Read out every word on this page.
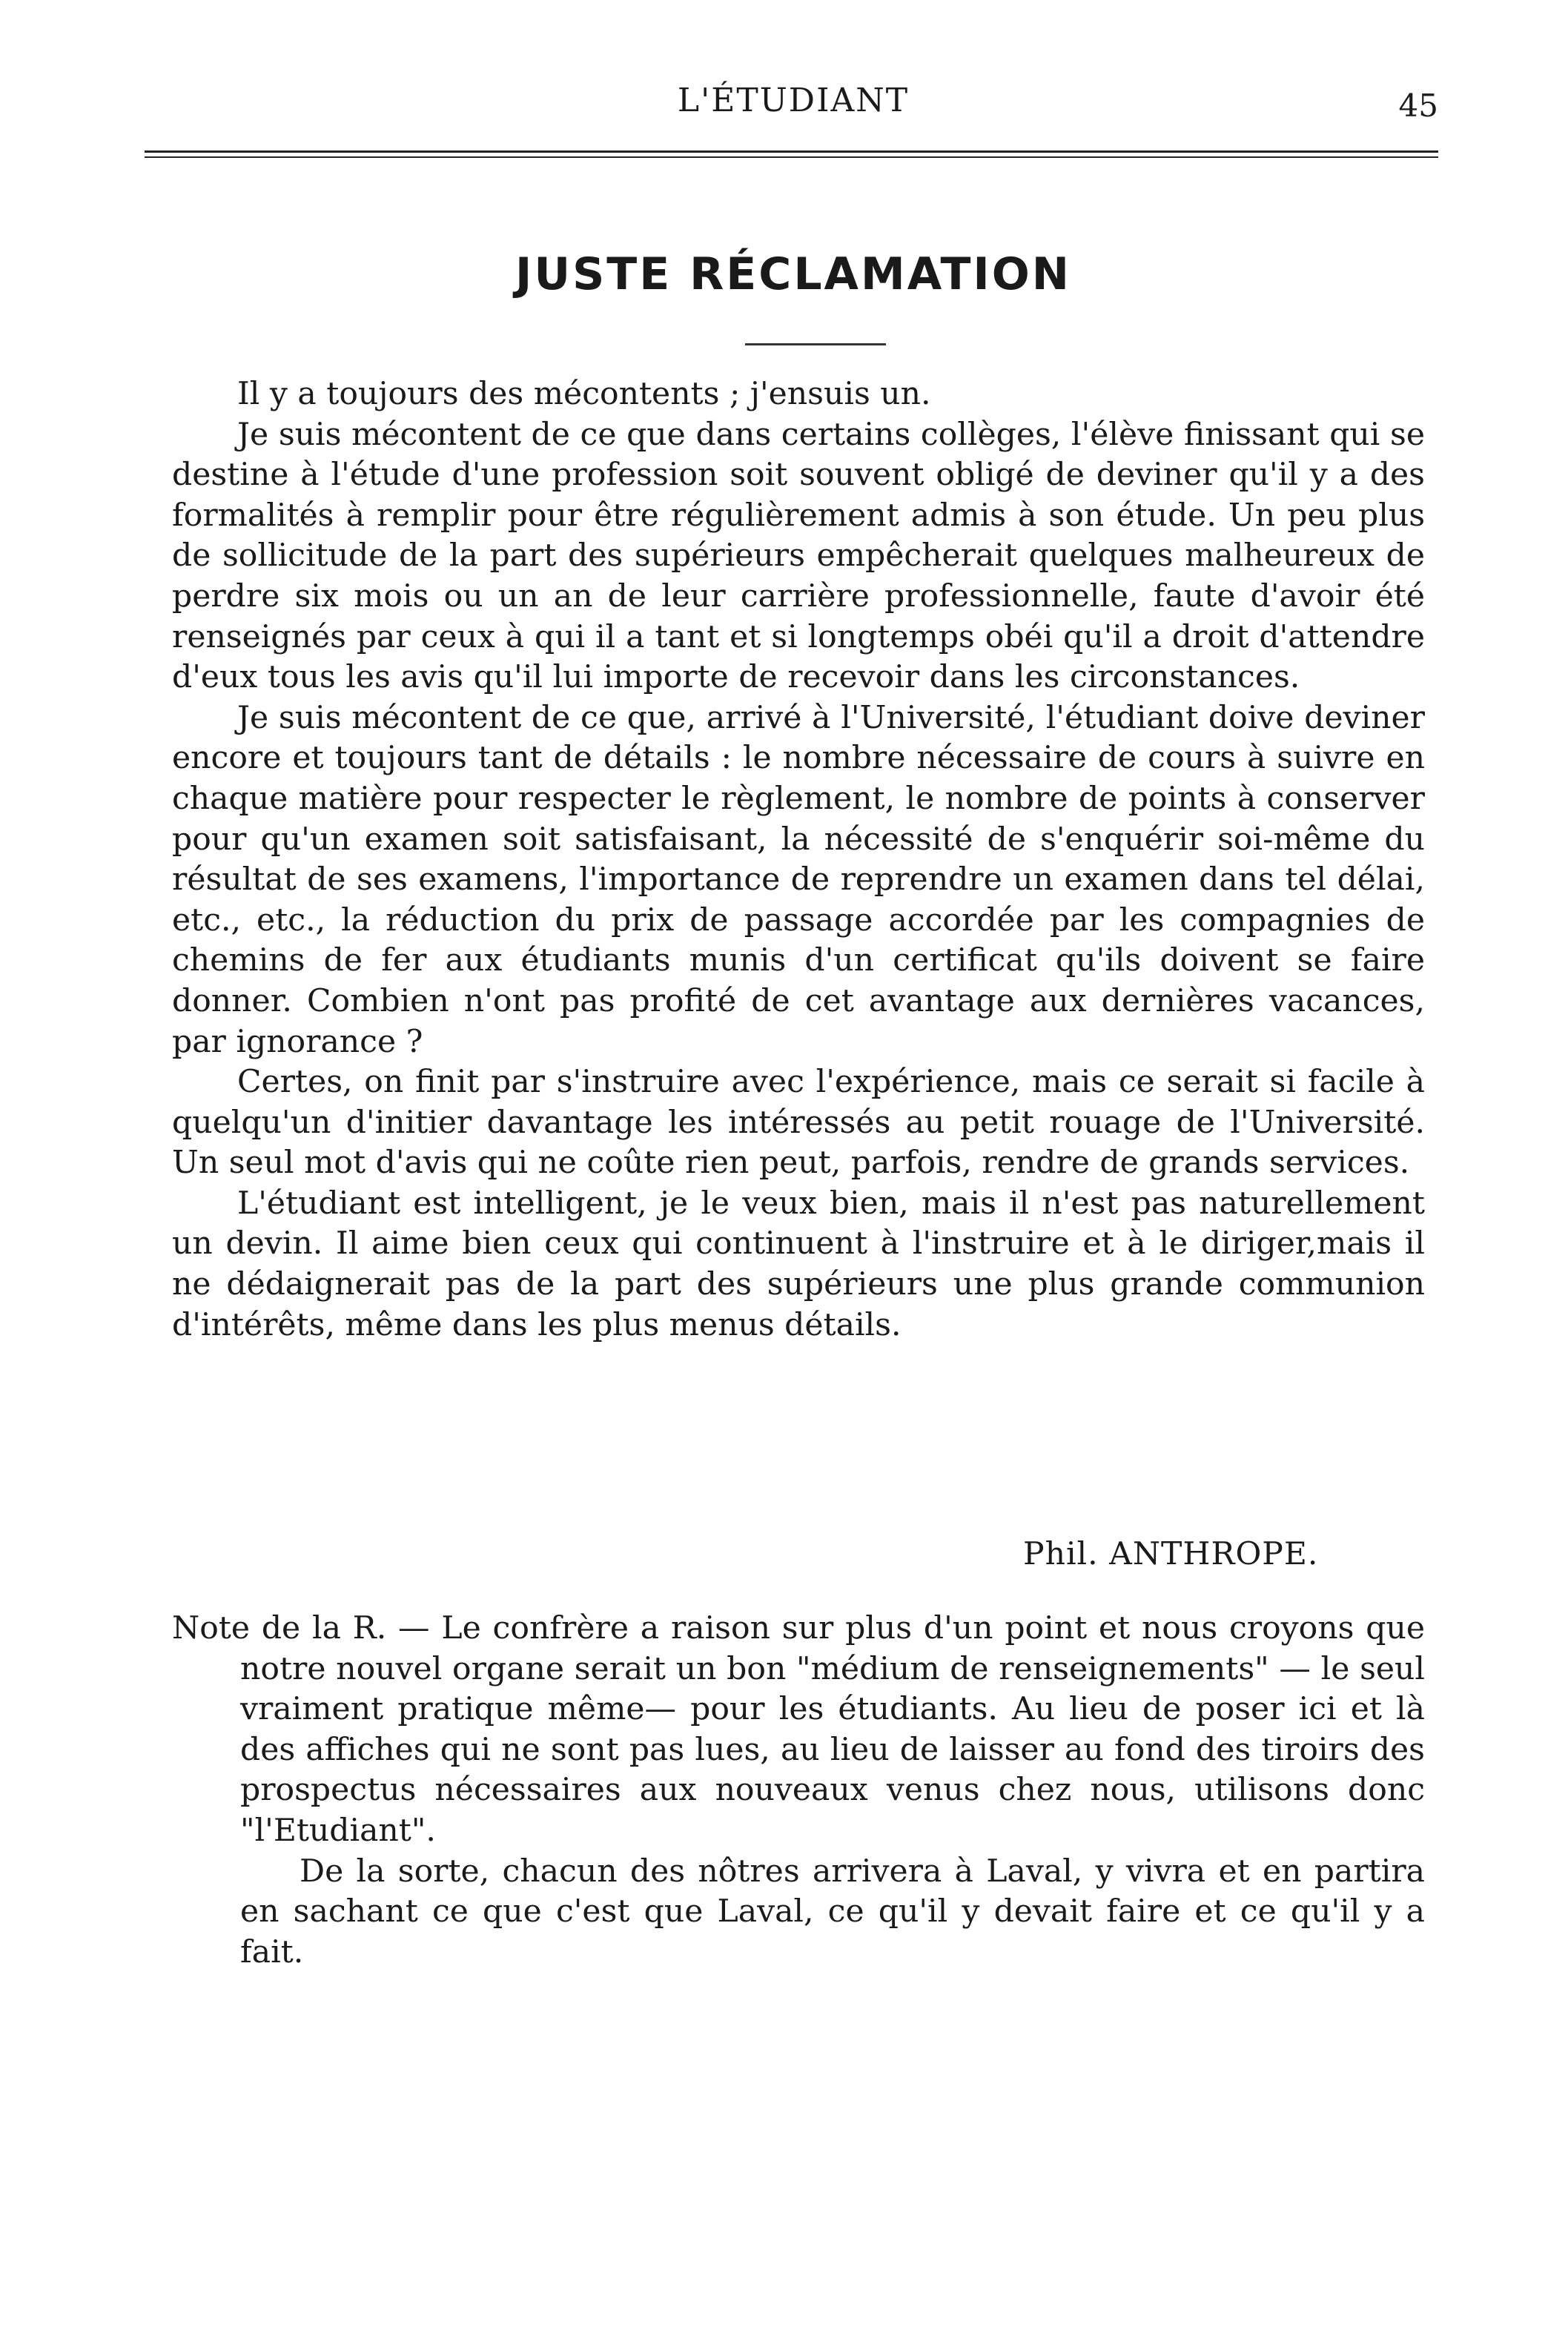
L'ÉTUDIANT	45
JUSTE RÉCLAMATION

Il y a toujours des mécontents ; j'ensuis un.

Je suis mécontent de ce que dans certains collèges, l'élève finissant qui se destine à l'étude d'une profession soit souvent obligé de deviner qu'il y a des formalités à remplir pour être régulièrement admis à son étude. Un peu plus de sollicitude de la part des supérieurs empêcherait quelques malheureux de perdre six mois ou un an de leur carrière professionnelle, faute d'avoir été renseignés par ceux à qui il a tant et si longtemps obéi qu'il a droit d'attendre d'eux tous les avis qu'il lui importe de recevoir dans les circonstances.

Je suis mécontent de ce que, arrivé à l'Université, l'étudiant doive deviner encore et toujours tant de détails : le nombre nécessaire de cours à suivre en chaque matière pour respecter le règlement, le nombre de points à conserver pour qu'un examen soit satisfaisant, la nécessité de s'enquérir soi-même du résultat de ses examens, l'importance de reprendre un examen dans tel délai, etc., etc., la réduction du prix de passage accordée par les compagnies de chemins de fer aux étudiants munis d'un certificat qu'ils doivent se faire donner. Combien n'ont pas profité de cet avantage aux dernières vacances, par ignorance ?

Certes, on finit par s'instruire avec l'expérience, mais ce serait si facile à quelqu'un d'initier davantage les intéressés au petit rouage de l'Université. Un seul mot d'avis qui ne coûte rien peut, parfois, rendre de grands services.

L'étudiant est intelligent, je le veux bien, mais il n'est pas naturellement un devin. Il aime bien ceux qui continuent à l'instruire et à le diriger,mais il ne dédaignerait pas de la part des supérieurs une plus grande communion d'intérêts, même dans les plus menus détails.

Phil. ANTHROPE.

Note de la R. — Le confrère a raison sur plus d'un point et nous croyons que notre nouvel organe serait un bon "médium de renseignements" — le seul vraiment pratique même— pour les étudiants. Au lieu de poser ici et là des affiches qui ne sont pas lues, au lieu de laisser au fond des tiroirs des prospectus nécessaires aux nouveaux venus chez nous, utilisons donc "l'Etudiant".

De la sorte, chacun des nôtres arrivera à Laval, y vivra et en partira en sachant ce que c'est que Laval, ce qu'il y devait faire et ce qu'il y a fait.
